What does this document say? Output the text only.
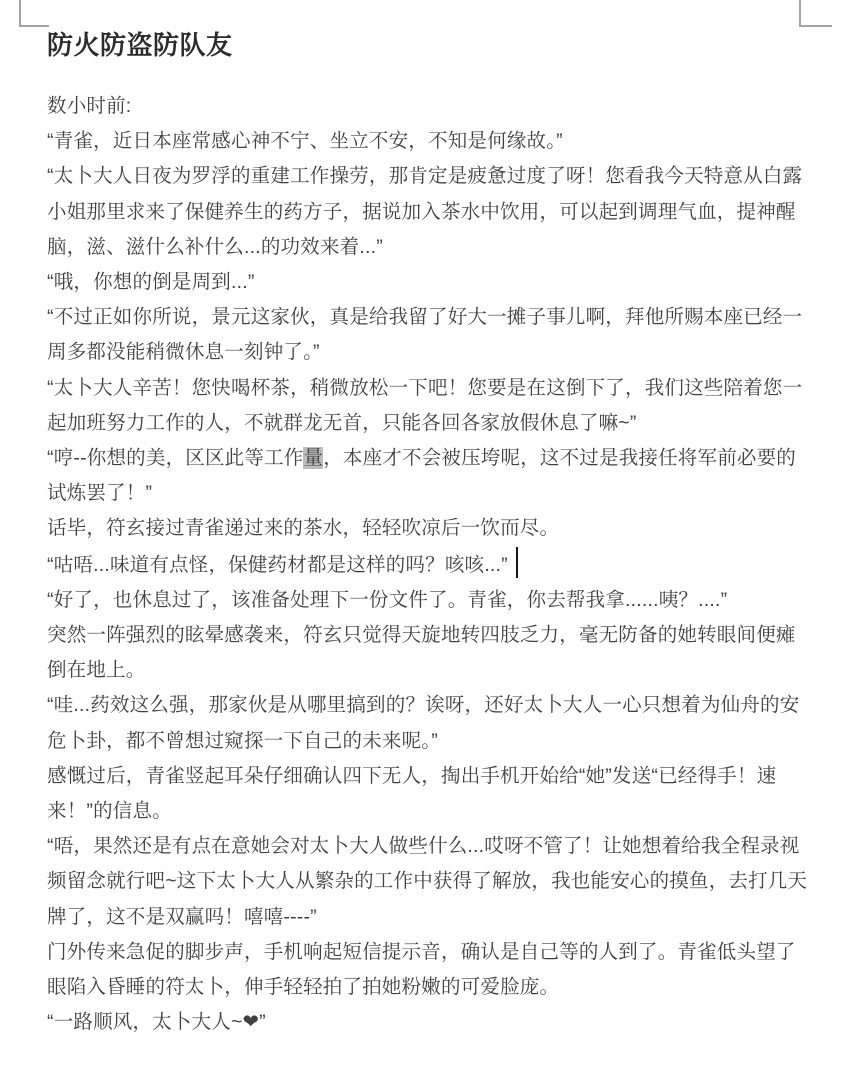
防火防盗防队友

数小时前:

“青雀，近日本座常感心神不宁、坐立不安，不知是何缘故。”

“太卜大人日夜为罗浮的重建工作操劳，那肯定是疲惫过度了呀！您看我今天特意从白露小姐那里求来了保健养生的药方子，据说加入茶水中饮用，可以起到调理气血，提神醒脑，滋、滋什么补什么...的功效来着...”

“哦，你想的倒是周到...”

“不过正如你所说，景元这家伙，真是给我留了好大一摊子事儿啊，拜他所赐本座已经一周多都没能稍微休息一刻钟了。”

“太卜大人辛苦！您快喝杯茶，稍微放松一下吧！您要是在这倒下了，我们这些陪着您一起加班努力工作的人，不就群龙无首，只能各回各家放假休息了嘛~”

“哼--你想的美，区区此等工作量，本座才不会被压垮呢，这不过是我接任将军前必要的试炼罢了！”

话毕，符玄接过青雀递过来的茶水，轻轻吹凉后一饮而尽。

“咕唔...味道有点怪，保健药材都是这样的吗？咳咳...”

“好了，也休息过了，该准备处理下一份文件了。青雀，你去帮我拿......咦？....”

突然一阵强烈的眩晕感袭来，符玄只觉得天旋地转四肢乏力，毫无防备的她转眼间便瘫倒在地上。

“哇...药效这么强，那家伙是从哪里搞到的？诶呀，还好太卜大人一心只想着为仙舟的安危卜卦，都不曾想过窥探一下自己的未来呢。”

感慨过后，青雀竖起耳朵仔细确认四下无人，掏出手机开始给“她”发送“已经得手！速来！”的信息。

“唔，果然还是有点在意她会对太卜大人做些什么...哎呀不管了！让她想着给我全程录视频留念就行吧~这下太卜大人从繁杂的工作中获得了解放，我也能安心的摸鱼，去打几天牌了，这不是双赢吗！嘻嘻----”

门外传来急促的脚步声，手机响起短信提示音，确认是自己等的人到了。青雀低头望了眼陷入昏睡的符太卜，伸手轻轻拍了拍她粉嫩的可爱脸庞。

“一路顺风，太卜大人~❤”
